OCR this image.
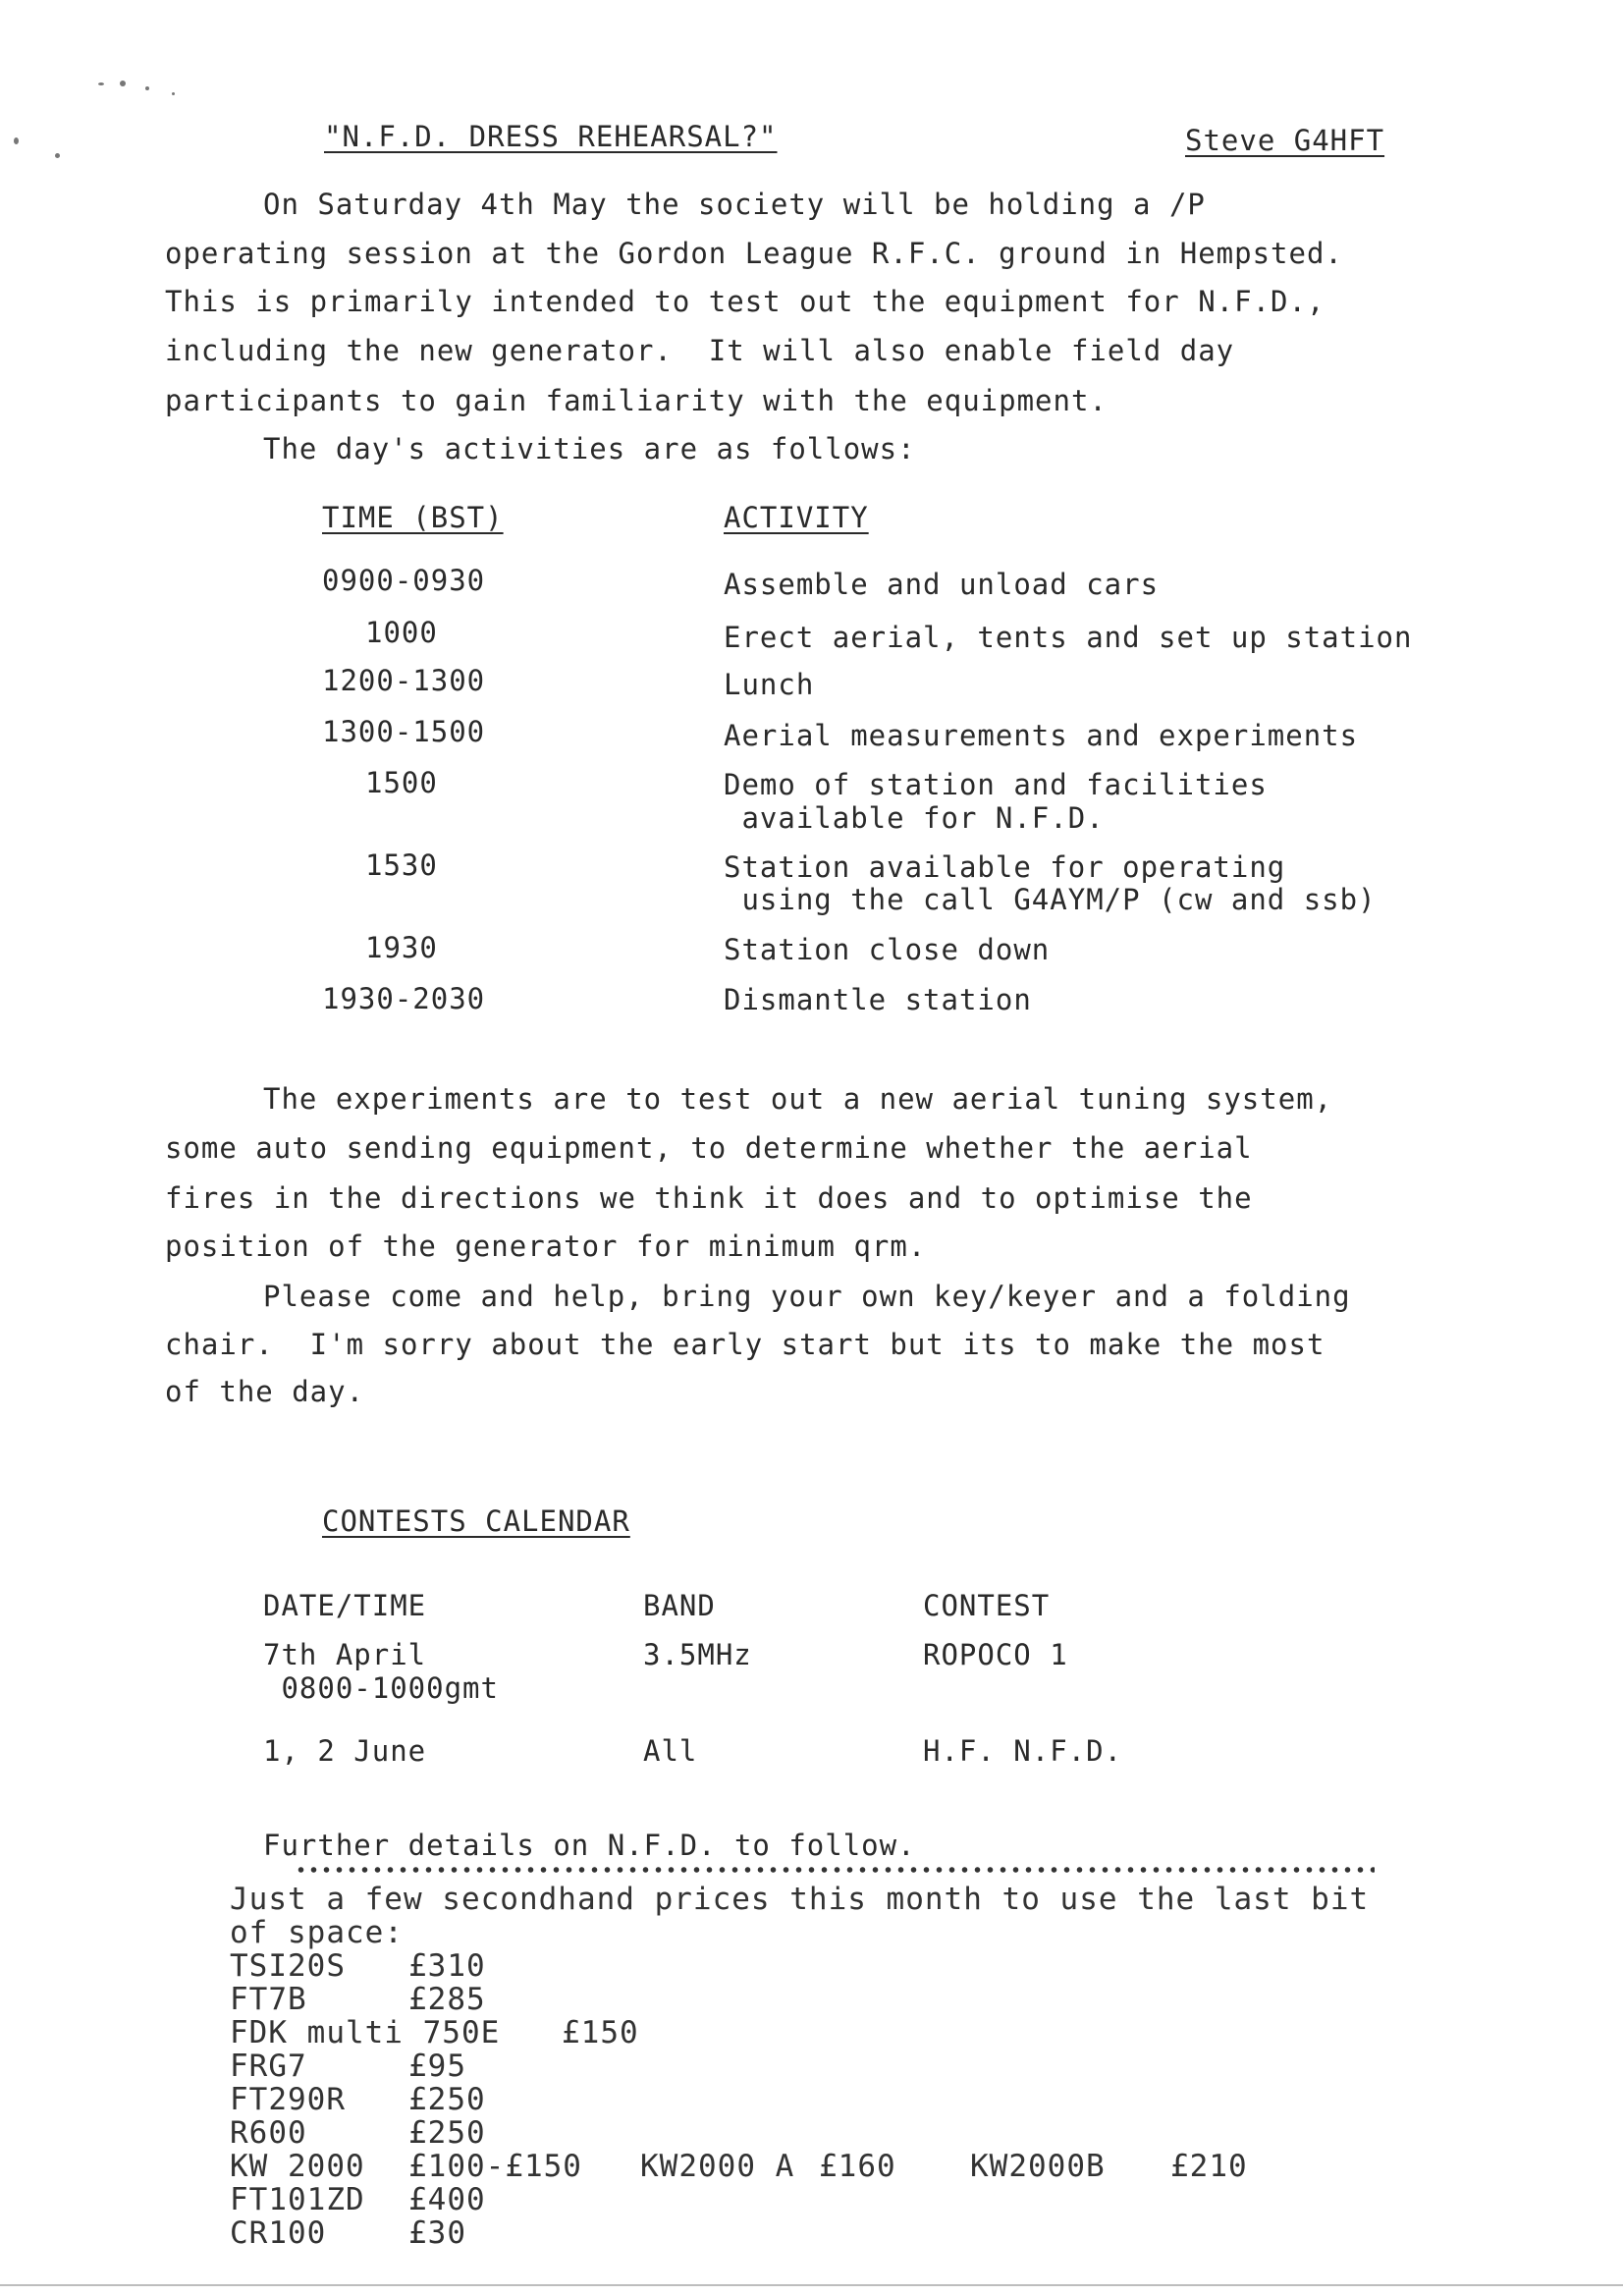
"N.F.D. DRESS REHEARSAL?"	Steve G4HFT
On Saturday 4th May the society will be holding a /P
operating session at the Gordon League R.F.C. ground in Hempsted.
This is primarily intended to test out the equipment for N.F.D.,
including the new generator.  It will also enable field day
participants to gain familiarity with the equipment.
The day's activities are as follows:
TIME (BST)	ACTIVITY
0900-0930	Assemble and unload cars
1000	Erect aerial, tents and set up station
1200-1300	Lunch
1300-1500	Aerial measurements and experiments
1500	Demo of station and facilities
available for N.F.D.
1530	Station available for operating
using the call G4AYM/P (cw and ssb)
1930	Station close down
1930-2030	Dismantle station
The experiments are to test out a new aerial tuning system,
some auto sending equipment, to determine whether the aerial
fires in the directions we think it does and to optimise the
position of the generator for minimum qrm.
Please come and help, bring your own key/keyer and a folding
chair.  I'm sorry about the early start but its to make the most
of the day.
CONTESTS CALENDAR
DATE/TIME	BAND	CONTEST
7th April
0800-1000gmt
3.5MHz	ROPOCO 1
1, 2 June	All	H.F. N.F.D.
Further details on N.F.D. to follow.
Just a few secondhand prices this month to use the last bit
of space:
TSI20S £310
FT7B	£285
FDK multi 750E £150
FRG7	£95
FT290R £250
R600	£250
KW 2000 £100-£150 KW2000 A £160 KW2000B £210
FT101ZD £400
CR100	£30
